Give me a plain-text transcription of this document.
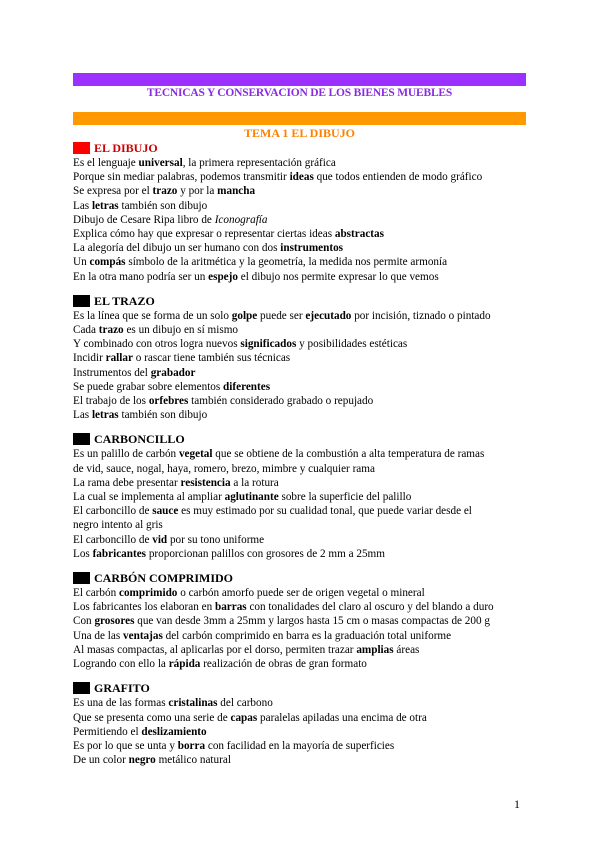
TECNICAS Y CONSERVACION DE LOS BIENES MUEBLES
TEMA 1 EL DIBUJO
EL DIBUJO
Es el lenguaje universal, la primera representación gráfica
Porque sin mediar palabras, podemos transmitir ideas que todos entienden de modo gráfico
Se expresa por el trazo y por la mancha
Las letras también son dibujo
Dibujo de Cesare Ripa libro de Iconografía
Explica cómo hay que expresar o representar ciertas ideas abstractas
La alegoría del dibujo un ser humano con dos instrumentos
Un compás símbolo de la aritmética y la geometría, la medida nos permite armonía
En la otra mano podría ser un espejo el dibujo nos permite expresar lo que vemos
EL TRAZO
Es la línea que se forma de un solo golpe puede ser ejecutado por incisión, tiznado o pintado
Cada trazo es un dibujo en sí mismo
Y combinado con otros logra nuevos significados y posibilidades estéticas
Incidir rallar o rascar tiene también sus técnicas
Instrumentos del grabador
Se puede grabar sobre elementos diferentes
El trabajo de los orfebres también considerado grabado o repujado
Las letras también son dibujo
CARBONCILLO
Es un palillo de carbón vegetal que se obtiene de la combustión a alta temperatura de ramas
de vid, sauce, nogal, haya, romero, brezo, mimbre y cualquier rama
La rama debe presentar resistencia a la rotura
La cual se implementa al ampliar aglutinante sobre la superficie del palillo
El carboncillo de sauce es muy estimado por su cualidad tonal, que puede variar desde el
negro intento al gris
El carboncillo de vid por su tono uniforme
Los fabricantes proporcionan palillos con grosores de 2 mm a 25mm
CARBÓN COMPRIMIDO
El carbón comprimido o carbón amorfo puede ser de origen vegetal o mineral
Los fabricantes los elaboran en barras con tonalidades del claro al oscuro y del blando a duro
Con grosores que van desde 3mm a 25mm y largos hasta 15 cm o masas compactas de 200 g
Una de las ventajas del carbón comprimido en barra es la graduación total uniforme
Al masas compactas, al aplicarlas por el dorso, permiten trazar amplias áreas
Logrando con ello la rápida realización de obras de gran formato
GRAFITO
Es una de las formas cristalinas del carbono
Que se presenta como una serie de capas paralelas apiladas una encima de otra
Permitiendo el deslizamiento
Es por lo que se unta y borra con facilidad en la mayoría de superficies
De un color negro metálico natural
1
